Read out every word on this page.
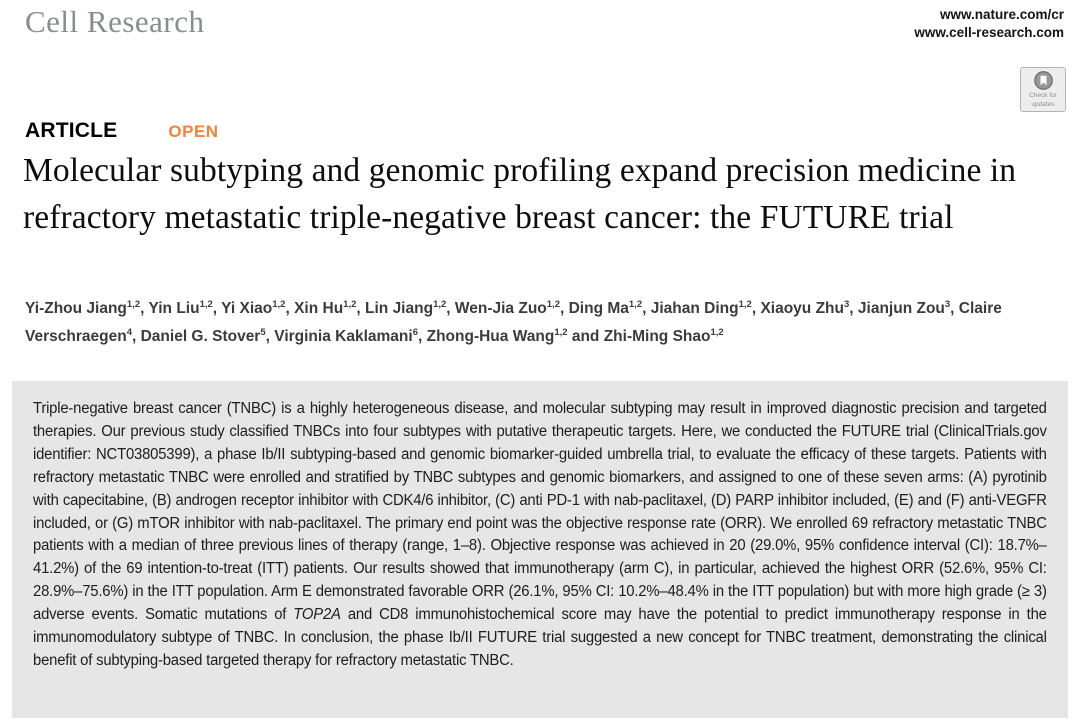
Cell Research	www.nature.com/cr
www.cell-research.com
Check for
updates
ARTICLE	OPEN
Molecular subtyping and genomic profiling expand precision medicine in refractory metastatic triple-negative breast cancer: the FUTURE trial

Yi-Zhou Jiang$^{1,2}$, Yin Liu$^{1,2}$, Yi Xiao$^{1,2}$, Xin Hu$^{1,2}$, Lin Jiang$^{1,2}$, Wen-Jia Zuo$^{1,2}$, Ding Ma$^{1,2}$, Jiahan Ding$^{1,2}$, Xiaoyu Zhu$^3$, Jianjun Zou$^3$, Claire Verschraegen$^4$, Daniel G. Stover$^5$, Virginia Kaklamani$^6$, Zhong-Hua Wang$^{1,2}$ and Zhi-Ming Shao$^{1,2}$

Triple-negative breast cancer (TNBC) is a highly heterogeneous disease, and molecular subtyping may result in improved diagnostic precision and targeted therapies. Our previous study classified TNBCs into four subtypes with putative therapeutic targets. Here, we conducted the FUTURE trial (ClinicalTrials.gov identifier: NCT03805399), a phase Ib/II subtyping-based and genomic biomarker-guided umbrella trial, to evaluate the efficacy of these targets. Patients with refractory metastatic TNBC were enrolled and stratified by TNBC subtypes and genomic biomarkers, and assigned to one of these seven arms: (A) pyrotinib with capecitabine, (B) androgen receptor inhibitor with CDK4/6 inhibitor, (C) anti PD-1 with nab-paclitaxel, (D) PARP inhibitor included, (E) and (F) anti-VEGFR included, or (G) mTOR inhibitor with nab-paclitaxel. The primary end point was the objective response rate (ORR). We enrolled 69 refractory metastatic TNBC patients with a median of three previous lines of therapy (range, 1–8). Objective response was achieved in 20 (29.0%, 95% confidence interval (CI): 18.7%–41.2%) of the 69 intention-to-treat (ITT) patients. Our results showed that immunotherapy (arm C), in particular, achieved the highest ORR (52.6%, 95% CI: 28.9%–75.6%) in the ITT population. Arm E demonstrated favorable ORR (26.1%, 95% CI: 10.2%–48.4% in the ITT population) but with more high grade (≥ 3) adverse events. Somatic mutations of TOP2A and CD8 immunohistochemical score may have the potential to predict immunotherapy response in the immunomodulatory subtype of TNBC. In conclusion, the phase Ib/II FUTURE trial suggested a new concept for TNBC treatment, demonstrating the clinical benefit of subtyping-based targeted therapy for refractory metastatic TNBC.
